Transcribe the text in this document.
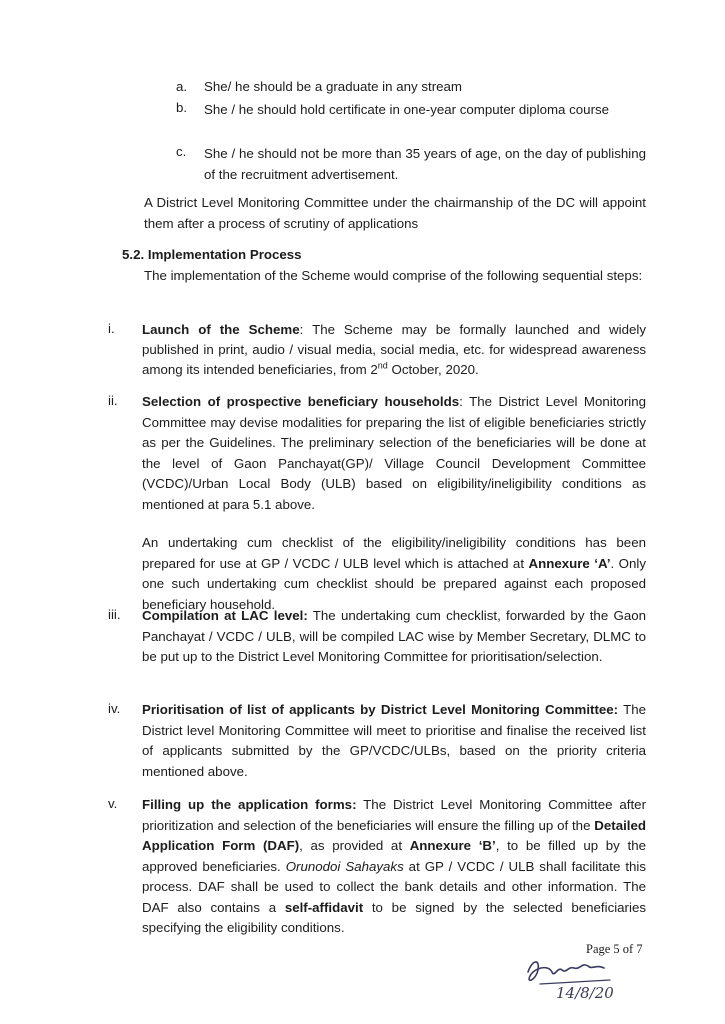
a. She/ he should be a graduate in any stream
b. She / he should hold certificate in one-year computer diploma course
c. She / he should not be more than 35 years of age, on the day of publishing of the recruitment advertisement.
A District Level Monitoring Committee under the chairmanship of the DC will appoint them after a process of scrutiny of applications
5.2. Implementation Process
The implementation of the Scheme would comprise of the following sequential steps:
i. Launch of the Scheme: The Scheme may be formally launched and widely published in print, audio / visual media, social media, etc. for widespread awareness among its intended beneficiaries, from 2nd October, 2020.
ii. Selection of prospective beneficiary households: The District Level Monitoring Committee may devise modalities for preparing the list of eligible beneficiaries strictly as per the Guidelines. The preliminary selection of the beneficiaries will be done at the level of Gaon Panchayat(GP)/ Village Council Development Committee (VCDC)/Urban Local Body (ULB) based on eligibility/ineligibility conditions as mentioned at para 5.1 above.
An undertaking cum checklist of the eligibility/ineligibility conditions has been prepared for use at GP / VCDC / ULB level which is attached at Annexure ‘A’. Only one such undertaking cum checklist should be prepared against each proposed beneficiary household.
iii. Compilation at LAC level: The undertaking cum checklist, forwarded by the Gaon Panchayat / VCDC / ULB, will be compiled LAC wise by Member Secretary, DLMC to be put up to the District Level Monitoring Committee for prioritisation/selection.
iv. Prioritisation of list of applicants by District Level Monitoring Committee: The District level Monitoring Committee will meet to prioritise and finalise the received list of applicants submitted by the GP/VCDC/ULBs, based on the priority criteria mentioned above.
v. Filling up the application forms: The District Level Monitoring Committee after prioritization and selection of the beneficiaries will ensure the filling up of the Detailed Application Form (DAF), as provided at Annexure ‘B’, to be filled up by the approved beneficiaries. Orunodoi Sahayaks at GP / VCDC / ULB shall facilitate this process. DAF shall be used to collect the bank details and other information. The DAF also contains a self-affidavit to be signed by the selected beneficiaries specifying the eligibility conditions.
Page 5 of 7
14/8/20
